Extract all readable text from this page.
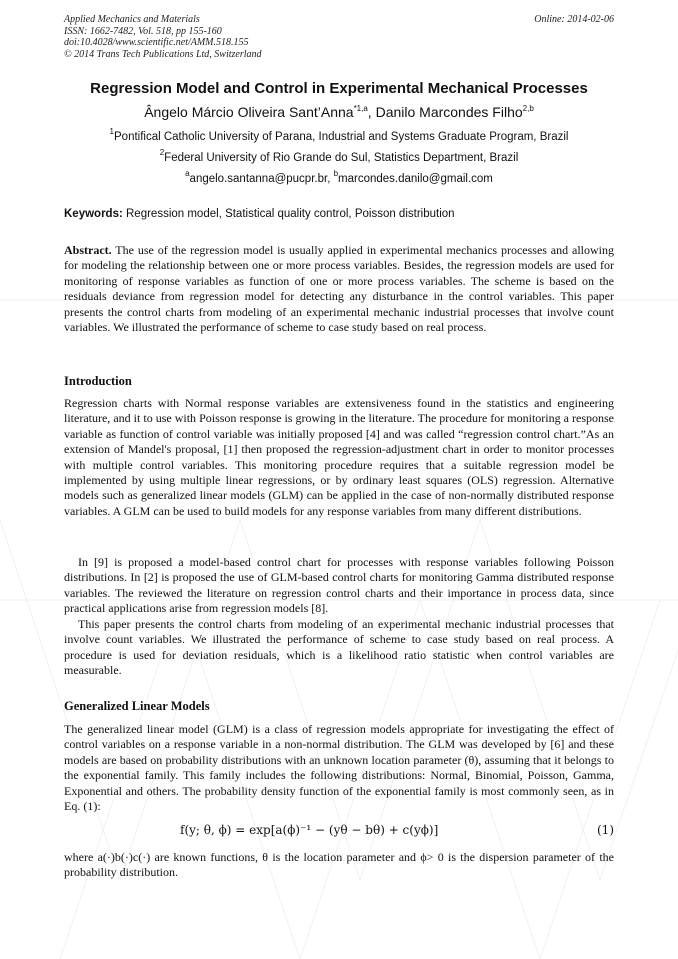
Applied Mechanics and Materials
ISSN: 1662-7482, Vol. 518, pp 155-160
doi:10.4028/www.scientific.net/AMM.518.155
© 2014 Trans Tech Publications Ltd, Switzerland
Online: 2014-02-06
Regression Model and Control in Experimental Mechanical Processes
Ângelo Márcio Oliveira Sant’Anna$^{*1,a}$, Danilo Marcondes Filho$^{2,b}$
$^1$Pontifical Catholic University of Parana, Industrial and Systems Graduate Program, Brazil
$^2$Federal University of Rio Grande do Sul, Statistics Department, Brazil
$^a$angelo.santanna@pucpr.br, $^b$marcondes.danilo@gmail.com
Keywords: Regression model, Statistical quality control, Poisson distribution
Abstract. The use of the regression model is usually applied in experimental mechanics processes and allowing for modeling the relationship between one or more process variables. Besides, the regression models are used for monitoring of response variables as function of one or more process variables. The scheme is based on the residuals deviance from regression model for detecting any disturbance in the control variables. This paper presents the control charts from modeling of an experimental mechanic industrial processes that involve count variables. We illustrated the performance of scheme to case study based on real process.
Introduction
Regression charts with Normal response variables are extensiveness found in the statistics and engineering literature, and it to use with Poisson response is growing in the literature. The procedure for monitoring a response variable as function of control variable was initially proposed [4] and was called “regression control chart.”As an extension of Mandel's proposal, [1] then proposed the regression-adjustment chart in order to monitor processes with multiple control variables. This monitoring procedure requires that a suitable regression model be implemented by using multiple linear regressions, or by ordinary least squares (OLS) regression. Alternative models such as generalized linear models (GLM) can be applied in the case of non-normally distributed response variables. A GLM can be used to build models for any response variables from many different distributions.
In [9] is proposed a model-based control chart for processes with response variables following Poisson distributions. In [2] is proposed the use of GLM-based control charts for monitoring Gamma distributed response variables. The reviewed the literature on regression control charts and their importance in process data, since practical applications arise from regression models [8].
This paper presents the control charts from modeling of an experimental mechanic industrial processes that involve count variables. We illustrated the performance of scheme to case study based on real process. A procedure is used for deviation residuals, which is a likelihood ratio statistic when control variables are measurable.
Generalized Linear Models
The generalized linear model (GLM) is a class of regression models appropriate for investigating the effect of control variables on a response variable in a non-normal distribution. The GLM was developed by [6] and these models are based on probability distributions with an unknown location parameter (θ), assuming that it belongs to the exponential family. This family includes the following distributions: Normal, Binomial, Poisson, Gamma, Exponential and others. The probability density function of the exponential family is most commonly seen, as in Eq. (1):
f(y; θ, ϕ) = exp[a(ϕ)⁻¹ − (yθ − bθ) + c(yϕ)]	(1)
where a(·)b(·)c(·) are known functions, θ is the location parameter and ϕ> 0 is the dispersion parameter of the probability distribution.
